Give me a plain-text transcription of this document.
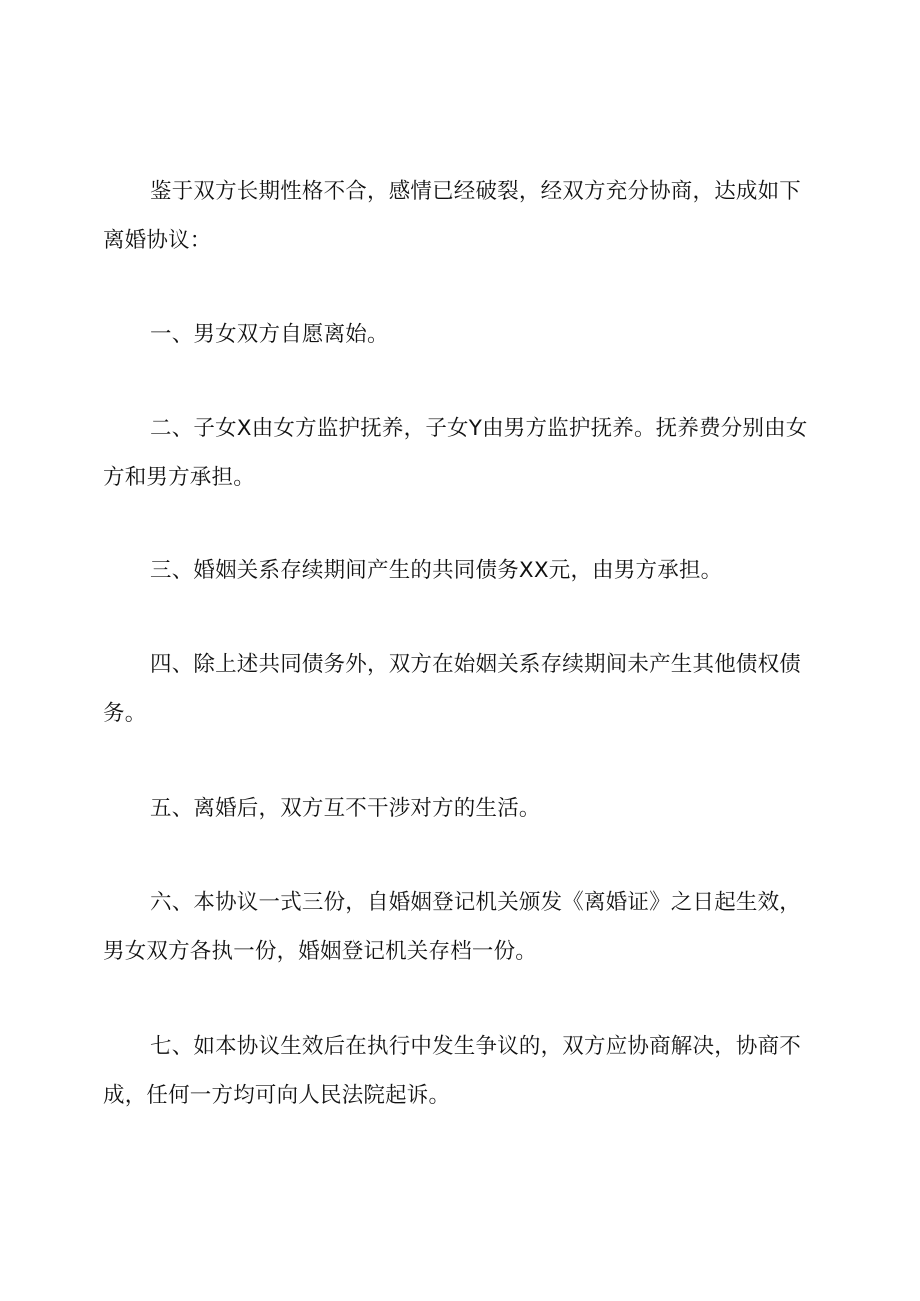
鉴于双方长期性格不合，感情已经破裂，经双方充分协商，达成如下离婚协议：

一、男女双方自愿离始。

二、子女X由女方监护抚养，子女Y由男方监护抚养。抚养费分别由女方和男方承担。

三、婚姻关系存续期间产生的共同债务XX元，由男方承担。

四、除上述共同债务外，双方在始姻关系存续期间未产生其他债权债务。

五、离婚后，双方互不干涉对方的生活。

六、本协议一式三份，自婚姻登记机关颁发《离婚证》之日起生效，男女双方各执一份，婚姻登记机关存档一份。

七、如本协议生效后在执行中发生争议的，双方应协商解决，协商不成，任何一方均可向人民法院起诉。
